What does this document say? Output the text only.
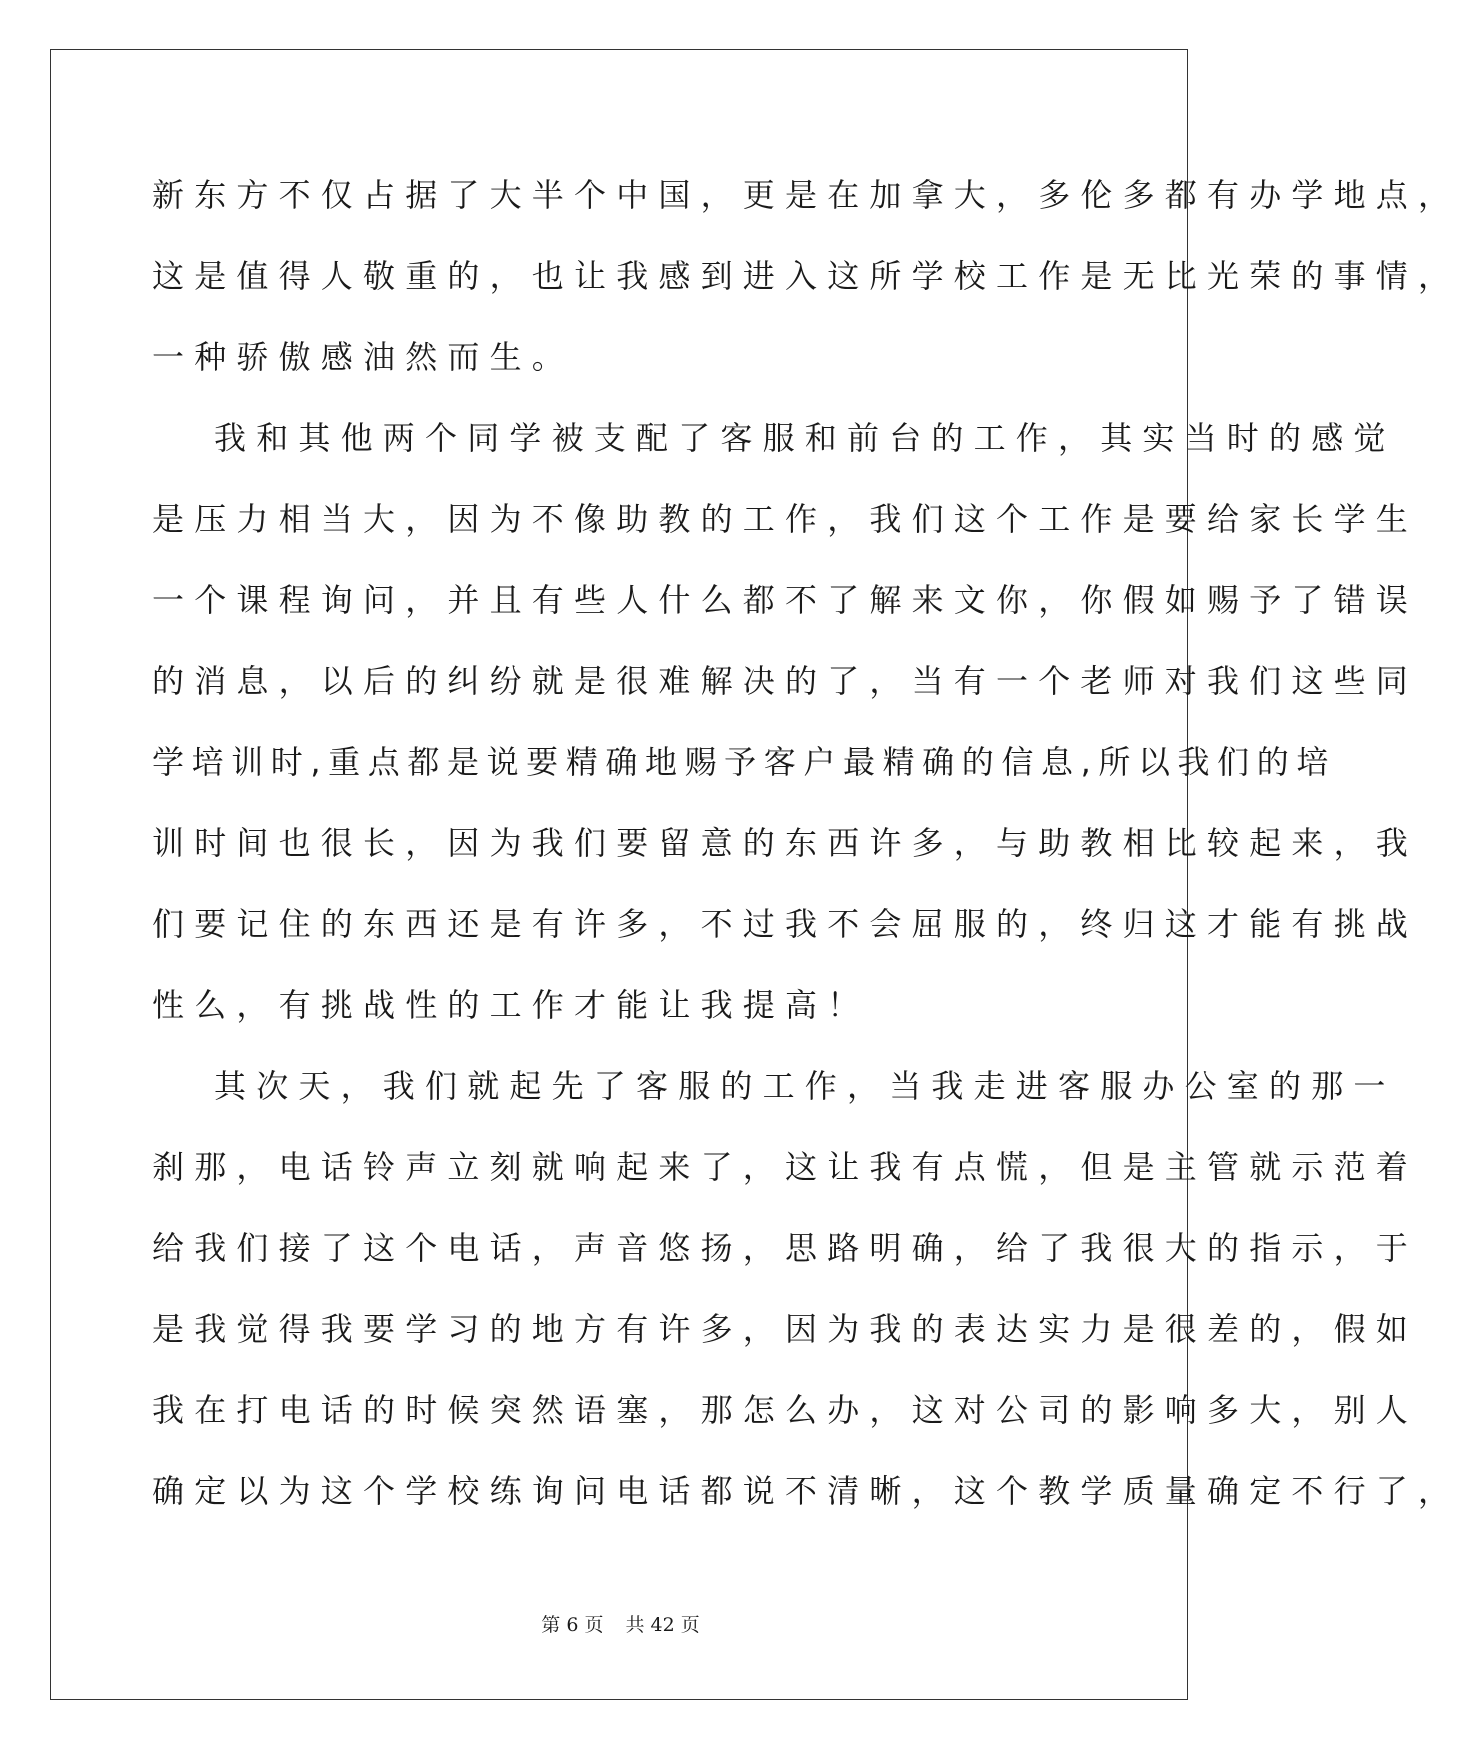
新东方不仅占据了大半个中国，更是在加拿大，多伦多都有办学地点，
这是值得人敬重的，也让我感到进入这所学校工作是无比光荣的事情，
一种骄傲感油然而生。
我和其他两个同学被支配了客服和前台的工作，其实当时的感觉
是压力相当大，因为不像助教的工作，我们这个工作是要给家长学生
一个课程询问，并且有些人什么都不了解来文你，你假如赐予了错误
的消息，以后的纠纷就是很难解决的了，当有一个老师对我们这些同
学培训时,重点都是说要精确地赐予客户最精确的信息,所以我们的培
训时间也很长，因为我们要留意的东西许多，与助教相比较起来，我
们要记住的东西还是有许多，不过我不会屈服的，终归这才能有挑战
性么，有挑战性的工作才能让我提高！
其次天，我们就起先了客服的工作，当我走进客服办公室的那一
刹那，电话铃声立刻就响起来了，这让我有点慌，但是主管就示范着
给我们接了这个电话，声音悠扬，思路明确，给了我很大的指示，于
是我觉得我要学习的地方有许多，因为我的表达实力是很差的，假如
我在打电话的时候突然语塞，那怎么办，这对公司的影响多大，别人
确定以为这个学校练询问电话都说不清晰，这个教学质量确定不行了，
第 6 页 共 42 页
